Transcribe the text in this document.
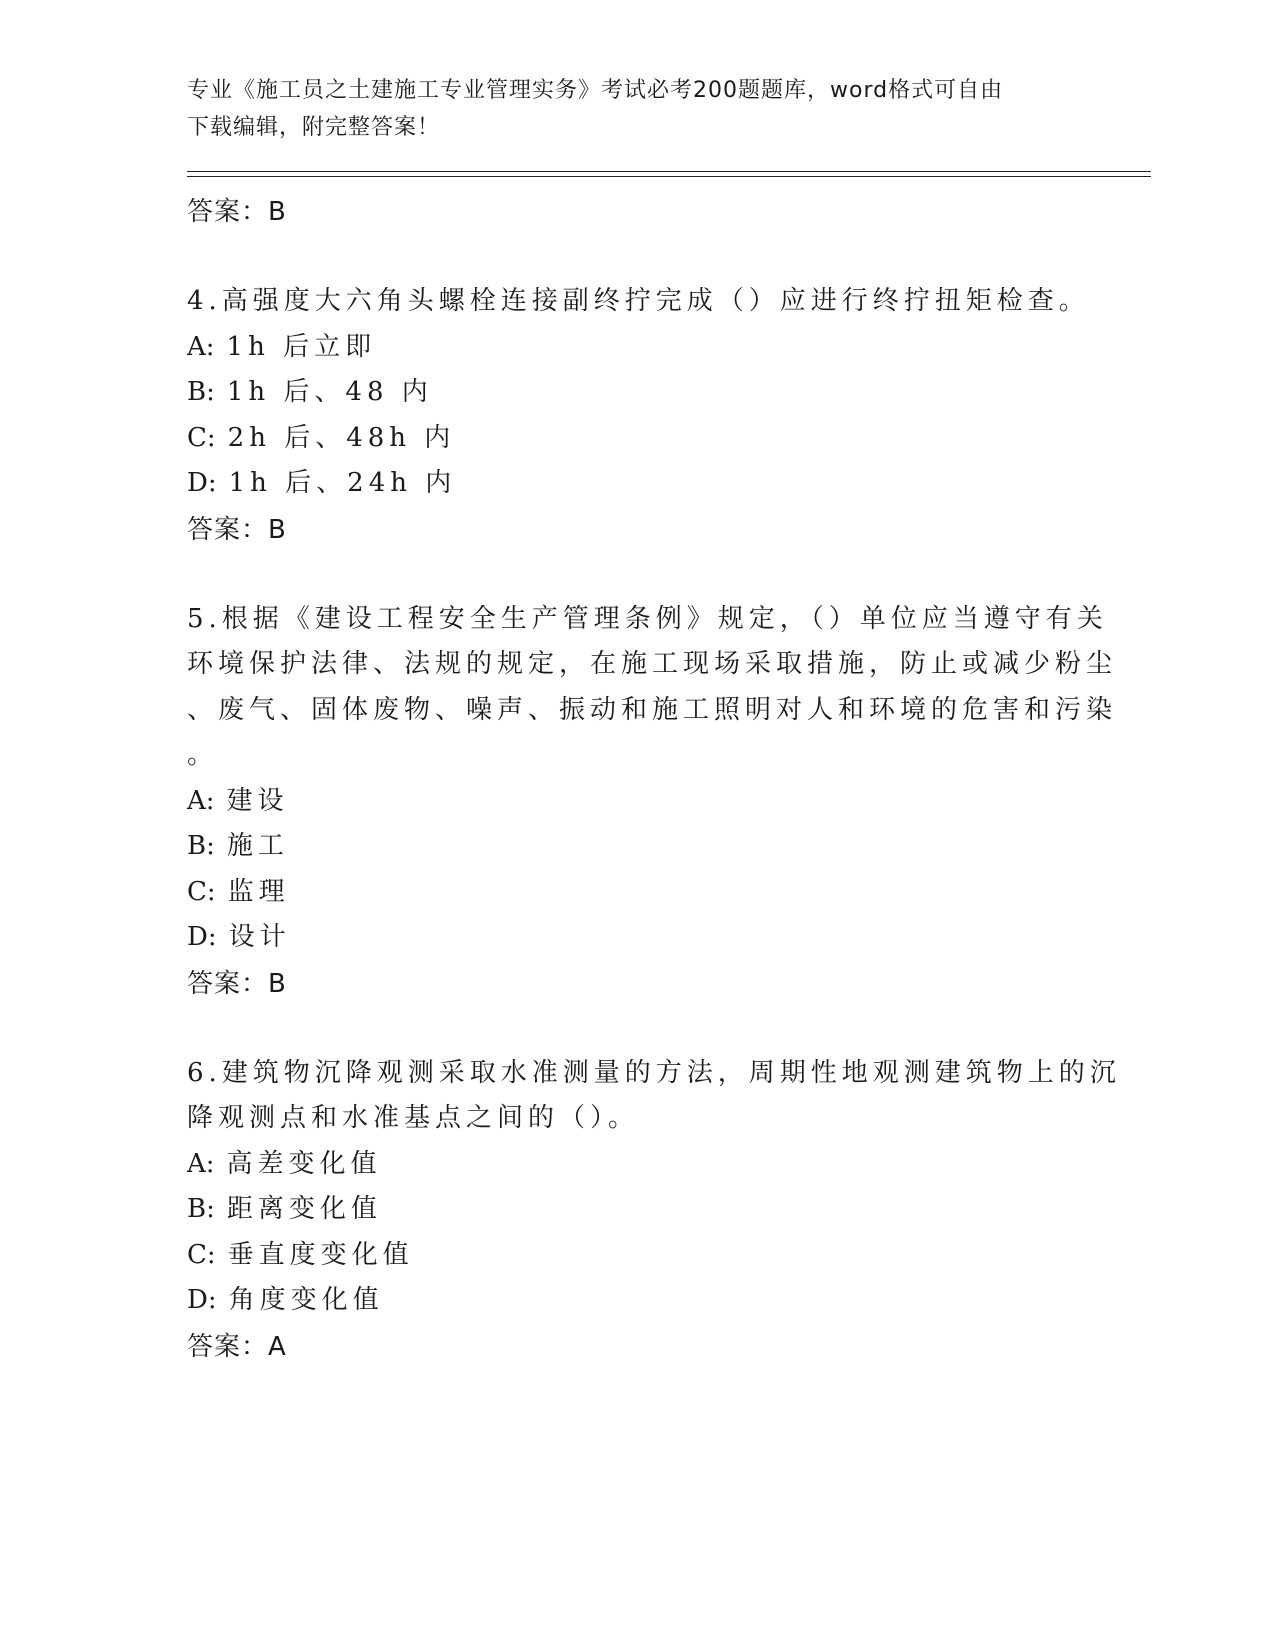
专业《施工员之土建施工专业管理实务》考试必考200题题库，word格式可自由
下载编辑，附完整答案！
答案：B
4.高强度大六角头螺栓连接副终拧完成（）应进行终拧扭矩检查。
A: 1h 后立即
B: 1h 后、48 内
C: 2h 后、48h 内
D: 1h 后、24h 内
答案：B
5.根据《建设工程安全生产管理条例》规定，（）单位应当遵守有关
环境保护法律、法规的规定，在施工现场采取措施，防止或减少粉尘
、废气、固体废物、噪声、振动和施工照明对人和环境的危害和污染
。
A: 建设
B: 施工
C: 监理
D: 设计
答案：B
6.建筑物沉降观测采取水准测量的方法，周期性地观测建筑物上的沉
降观测点和水准基点之间的（）。
A: 高差变化值
B: 距离变化值
C: 垂直度变化值
D: 角度变化值
答案：A
